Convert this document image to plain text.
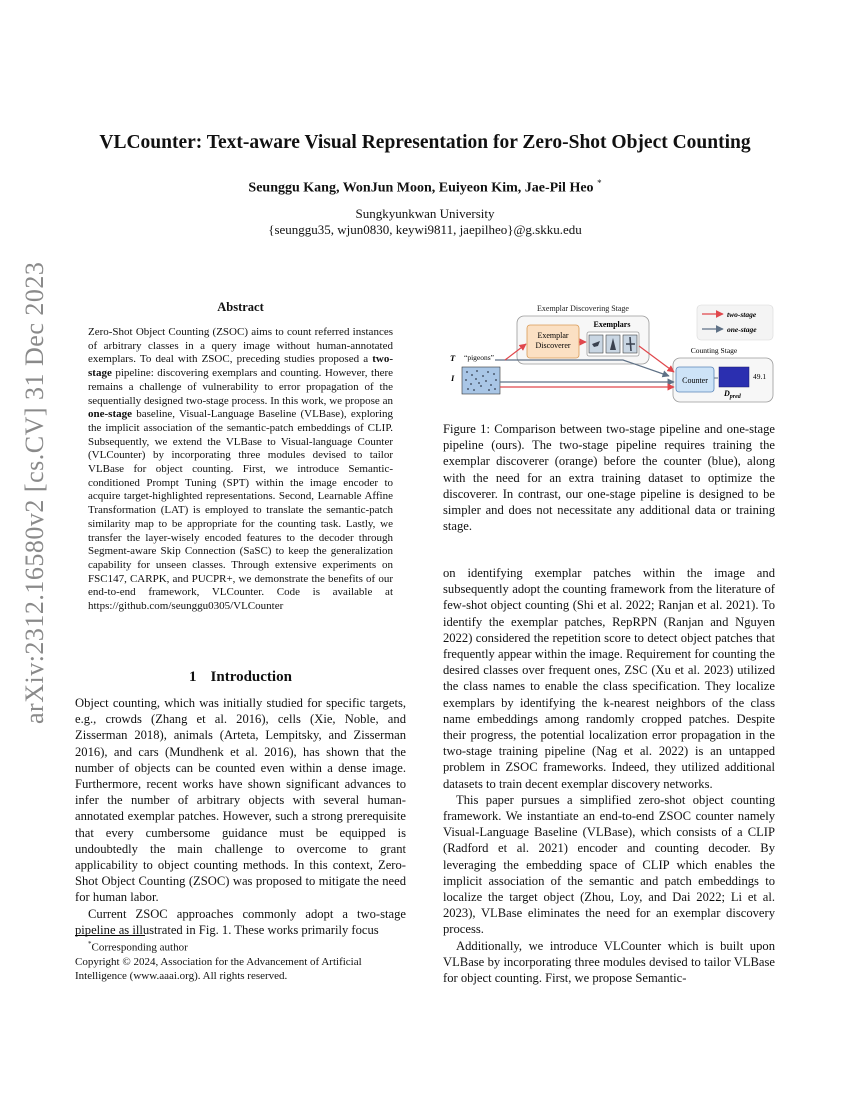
arXiv:2312.16580v2 [cs.CV] 31 Dec 2023
VLCounter: Text-aware Visual Representation for Zero-Shot Object Counting
Seunggu Kang, WonJun Moon, Euiyeon Kim, Jae-Pil Heo *
Sungkyunkwan University
{seunggu35, wjun0830, keywi9811, jaepilheo}@g.skku.edu
Abstract
Zero-Shot Object Counting (ZSOC) aims to count referred instances of arbitrary classes in a query image without human-annotated exemplars. To deal with ZSOC, preceding studies proposed a two-stage pipeline: discovering exemplars and counting. However, there remains a challenge of vulnerability to error propagation of the sequentially designed two-stage process. In this work, we propose an one-stage baseline, Visual-Language Baseline (VLBase), exploring the implicit association of the semantic-patch embeddings of CLIP. Subsequently, we extend the VLBase to Visual-language Counter (VLCounter) by incorporating three modules devised to tailor VLBase for object counting. First, we introduce Semantic-conditioned Prompt Tuning (SPT) within the image encoder to acquire target-highlighted representations. Second, Learnable Affine Transformation (LAT) is employed to translate the semantic-patch similarity map to be appropriate for the counting task. Lastly, we transfer the layer-wisely encoded features to the decoder through Segment-aware Skip Connection (SaSC) to keep the generalization capability for unseen classes. Through extensive experiments on FSC147, CARPK, and PUCPR+, we demonstrate the benefits of our end-to-end framework, VLCounter. Code is available at https://github.com/seunggu0305/VLCounter
1 Introduction

Object counting, which was initially studied for specific targets, e.g., crowds (Zhang et al. 2016), cells (Xie, Noble, and Zisserman 2018), animals (Arteta, Lempitsky, and Zisserman 2016), and cars (Mundhenk et al. 2016), has shown that the number of objects can be counted even within a dense image. Furthermore, recent works have shown significant advances to infer the number of arbitrary objects with several human-annotated exemplar patches. However, such a strong prerequisite that every cumbersome guidance must be equipped is undoubtedly the main challenge to overcome to grant applicability to object counting methods. In this context, Zero-Shot Object Counting (ZSOC) was proposed to mitigate the need for human labor.

Current ZSOC approaches commonly adopt a two-stage pipeline as illustrated in Fig. 1. These works primarily focus

*Corresponding author
Copyright © 2024, Association for the Advancement of Artificial Intelligence (www.aaai.org). All rights reserved.
Exemplar Discovering Stage
Exemplar
Discoverer
Exemplars
two-stage
one-stage
T “pigeons”
I
Counting Stage
Counter	49.1
$D_{pred}$
Figure 1: Comparison between two-stage pipeline and one-stage pipeline (ours). The two-stage pipeline requires training the exemplar discoverer (orange) before the counter (blue), along with the need for an extra training dataset to optimize the discoverer. In contrast, our one-stage pipeline is designed to be simpler and does not necessitate any additional data or training stage.

on identifying exemplar patches within the image and subsequently adopt the counting framework from the literature of few-shot object counting (Shi et al. 2022; Ranjan et al. 2021). To identify the exemplar patches, RepRPN (Ranjan and Nguyen 2022) considered the repetition score to detect object patches that frequently appear within the image. Requirement for counting the desired classes over frequent ones, ZSC (Xu et al. 2023) utilized the class names to enable the class specification. They localize exemplars by identifying the k-nearest neighbors of the class name embeddings among randomly cropped patches. Despite their progress, the potential localization error propagation in the two-stage training pipeline (Nag et al. 2022) is an untapped problem in ZSOC frameworks. Indeed, they utilized additional datasets to train decent exemplar discovery networks.

This paper pursues a simplified zero-shot object counting framework. We instantiate an end-to-end ZSOC counter namely Visual-Language Baseline (VLBase), which consists of a CLIP (Radford et al. 2021) encoder and counting decoder. By leveraging the embedding space of CLIP which enables the implicit association of the semantic and patch embeddings to localize the target object (Zhou, Loy, and Dai 2022; Li et al. 2023), VLBase eliminates the need for an exemplar discovery process.

Additionally, we introduce VLCounter which is built upon VLBase by incorporating three modules devised to tailor VLBase for object counting. First, we propose Semantic-
